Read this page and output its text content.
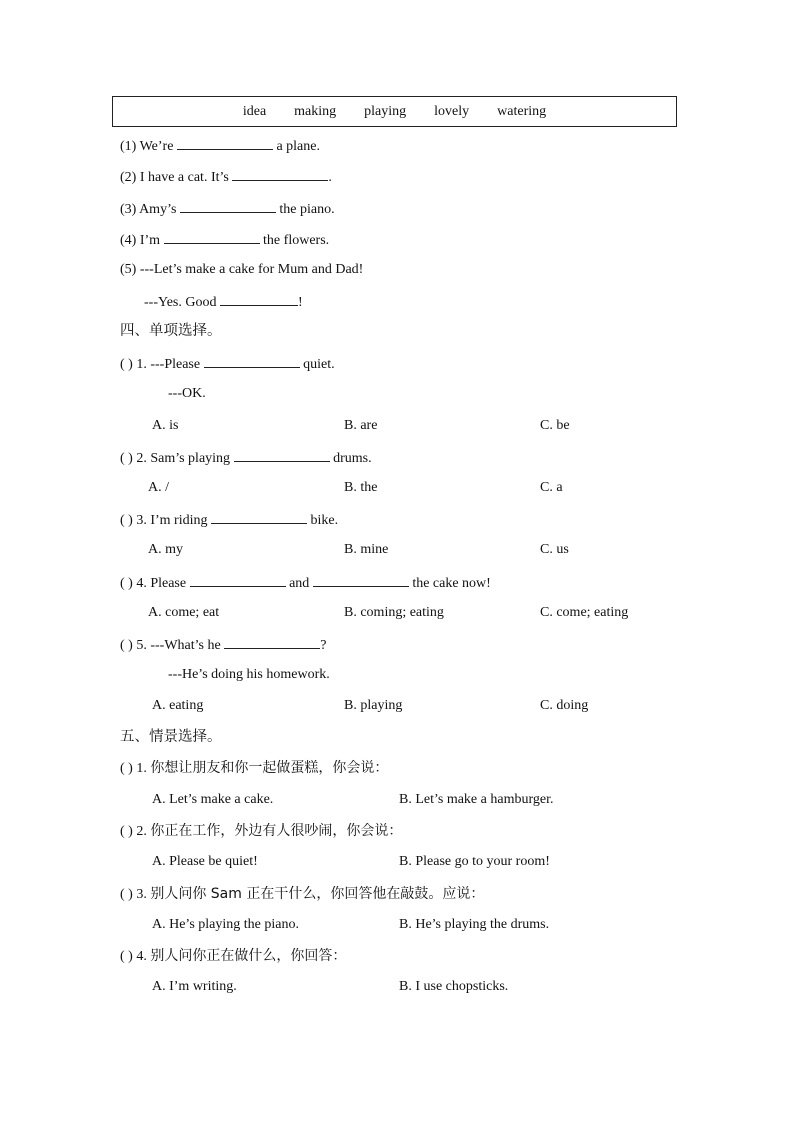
idea making playing lovely watering
(1) We’re	a plane.
(2) I have a cat. It’s	.
(3) Amy’s	the piano.
(4) I’m	the flowers.
(5) ---Let’s make a cake for Mum and Dad!
---Yes. Good	!
四、单项选择。
( ) 1. ---Please	quiet.
---OK.
A. is	B. are	C. be
( ) 2. Sam’s playing	drums.
A. /	B. the	C. a
( ) 3. I’m riding	bike.
A. my	B. mine	C. us
( ) 4. Please	and	the cake now!
A. come; eat	B. coming; eating	C. come; eating
( ) 5. ---What’s he	?
---He’s doing his homework.
A. eating	B. playing	C. doing
五、情景选择。
( ) 1. 你想让朋友和你一起做蛋糕，你会说：
A. Let’s make a cake.	B. Let’s make a hamburger.
( ) 2. 你正在工作，外边有人很吵闹，你会说：
A. Please be quiet!	B. Please go to your room!
( ) 3. 别人问你 Sam 正在干什么，你回答他在敲鼓。应说：
A. He’s playing the piano.	B. He’s playing the drums.
( ) 4. 别人问你正在做什么，你回答：
A. I’m writing.	B. I use chopsticks.
